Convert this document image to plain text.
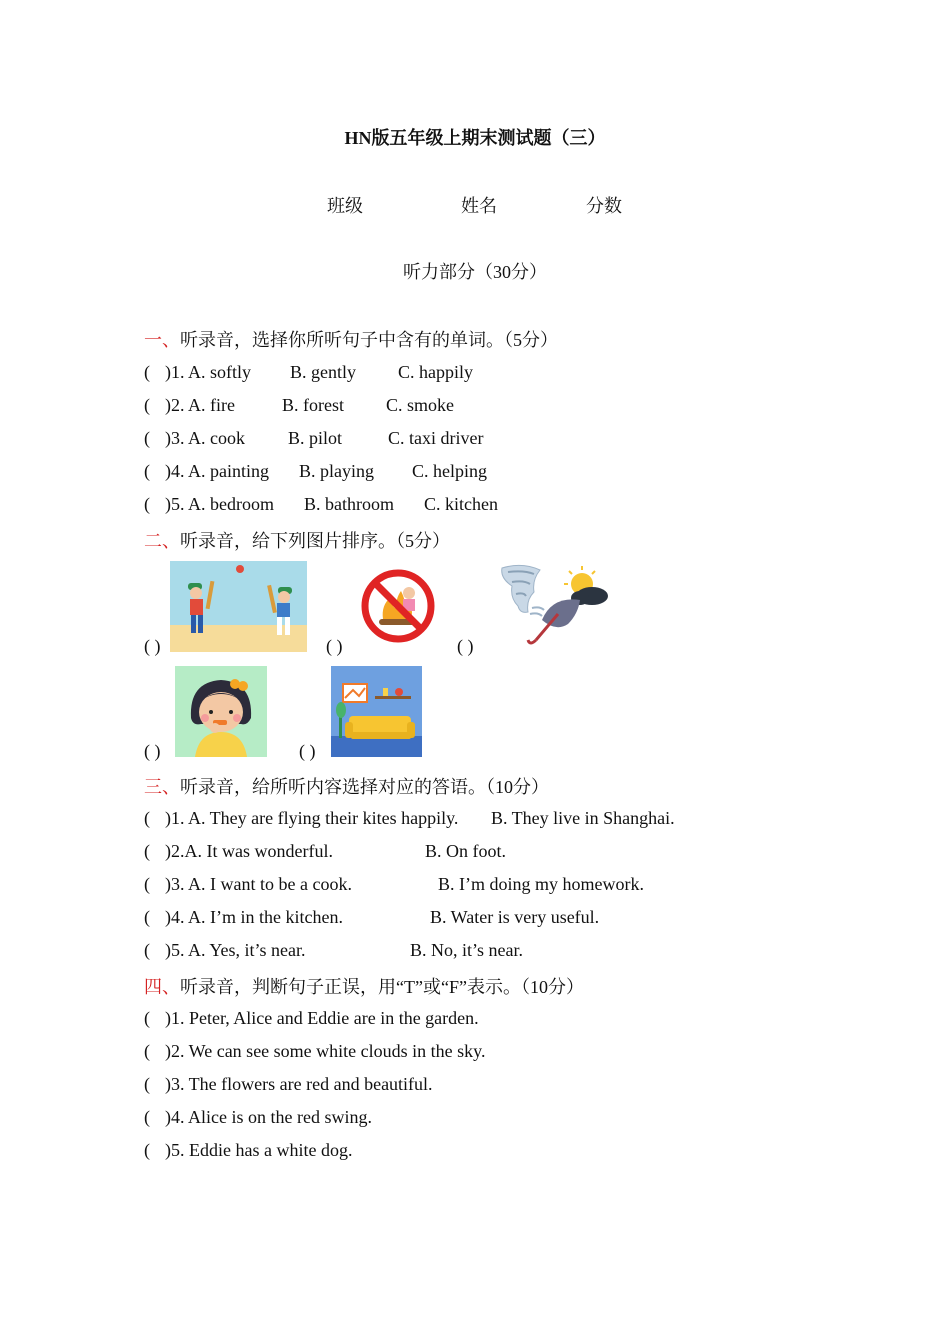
HN版五年级上期末测试题（三）
班级	姓名	分数
听力部分（30分）
一、听录音，选择你所听句子中含有的单词。（5分）
( )1. A. softly B. gently C. happily
( )2. A. fire	B. forest C. smoke
( )3. A. cook B. pilot	C. taxi driver
( )4. A. painting B. playing C. helping
( )5. A. bedroom B. bathroom C. kitchen
二、听录音，给下列图片排序。（5分）
( )	( )	( )
( )	( )
三、听录音，给所听内容选择对应的答语。（10分）
( )1. A. They are flying their kites happily. B. They live in Shanghai.
( )2.A. It was wonderful.	B. On foot.
( )3. A. I want to be a cook.	B. I’m doing my homework.
( )4. A. I’m in the kitchen.	B. Water is very useful.
( )5. A. Yes, it’s near.	B. No, it’s near.
四、听录音，判断句子正误，用“T”或“F”表示。（10分）
( )1. Peter, Alice and Eddie are in the garden.
( )2. We can see some white clouds in the sky.
( )3. The flowers are red and beautiful.
( )4. Alice is on the red swing.
( )5. Eddie has a white dog.
